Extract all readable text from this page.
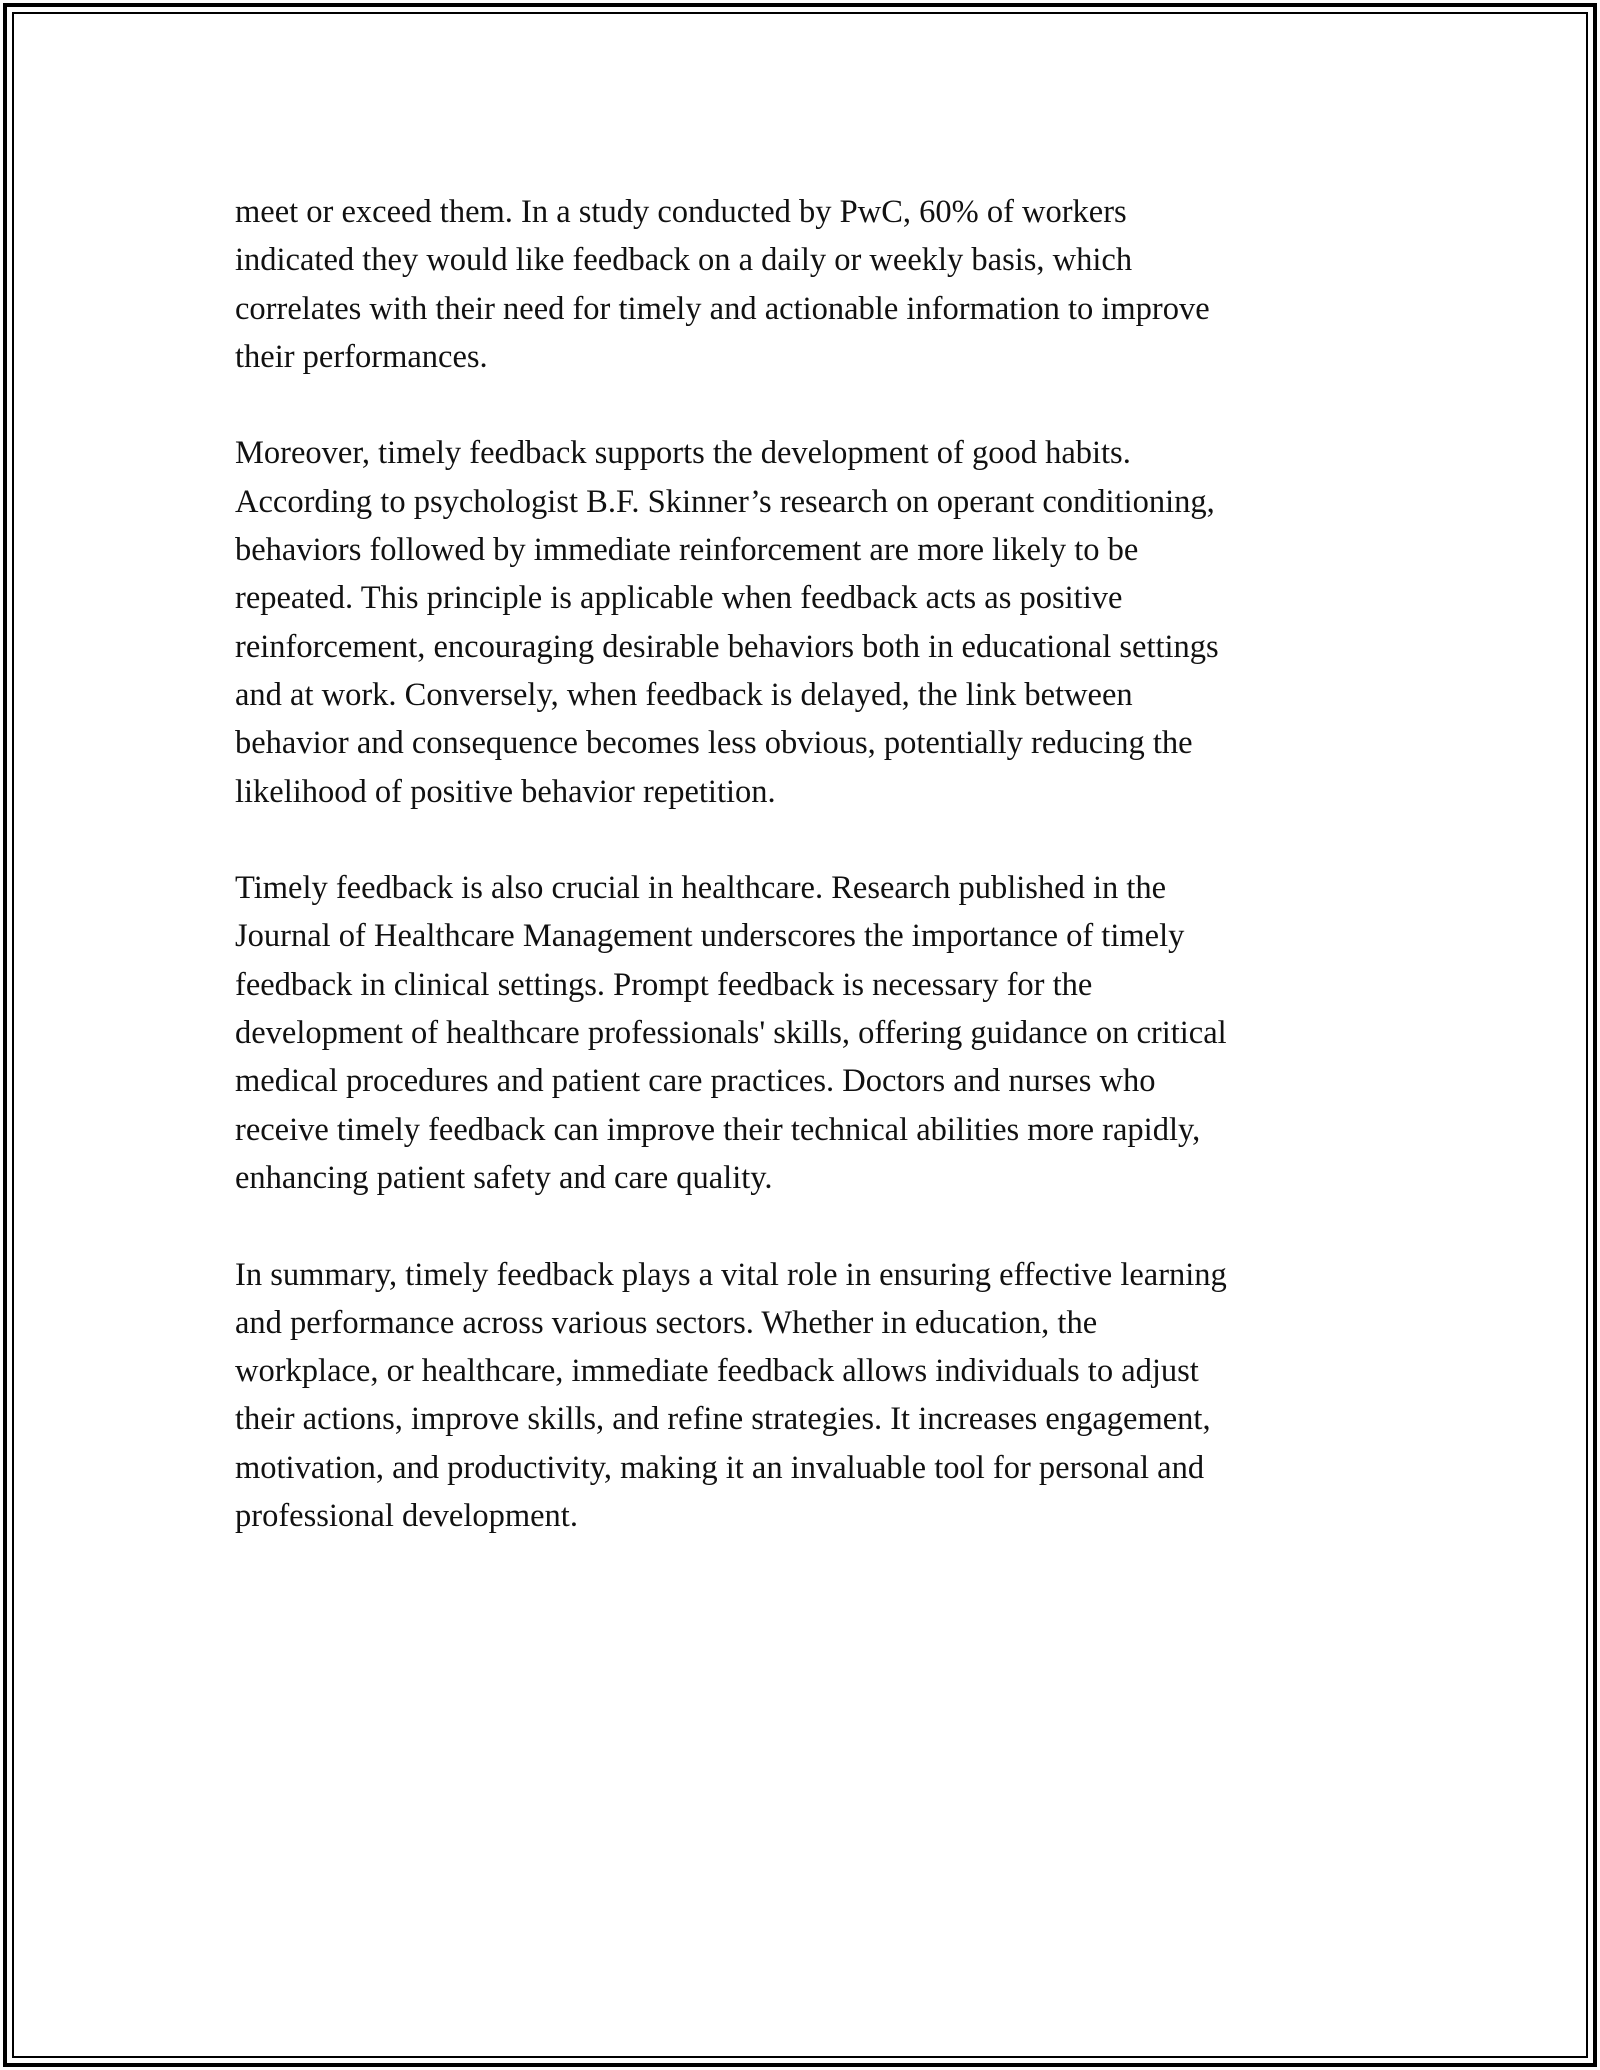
meet or exceed them. In a study conducted by PwC, 60% of workers
indicated they would like feedback on a daily or weekly basis, which
correlates with their need for timely and actionable information to improve
their performances.

Moreover, timely feedback supports the development of good habits.
According to psychologist B.F. Skinner’s research on operant conditioning,
behaviors followed by immediate reinforcement are more likely to be
repeated. This principle is applicable when feedback acts as positive
reinforcement, encouraging desirable behaviors both in educational settings
and at work. Conversely, when feedback is delayed, the link between
behavior and consequence becomes less obvious, potentially reducing the
likelihood of positive behavior repetition.

Timely feedback is also crucial in healthcare. Research published in the
Journal of Healthcare Management underscores the importance of timely
feedback in clinical settings. Prompt feedback is necessary for the
development of healthcare professionals' skills, offering guidance on critical
medical procedures and patient care practices. Doctors and nurses who
receive timely feedback can improve their technical abilities more rapidly,
enhancing patient safety and care quality.

In summary, timely feedback plays a vital role in ensuring effective learning
and performance across various sectors. Whether in education, the
workplace, or healthcare, immediate feedback allows individuals to adjust
their actions, improve skills, and refine strategies. It increases engagement,
motivation, and productivity, making it an invaluable tool for personal and
professional development.
